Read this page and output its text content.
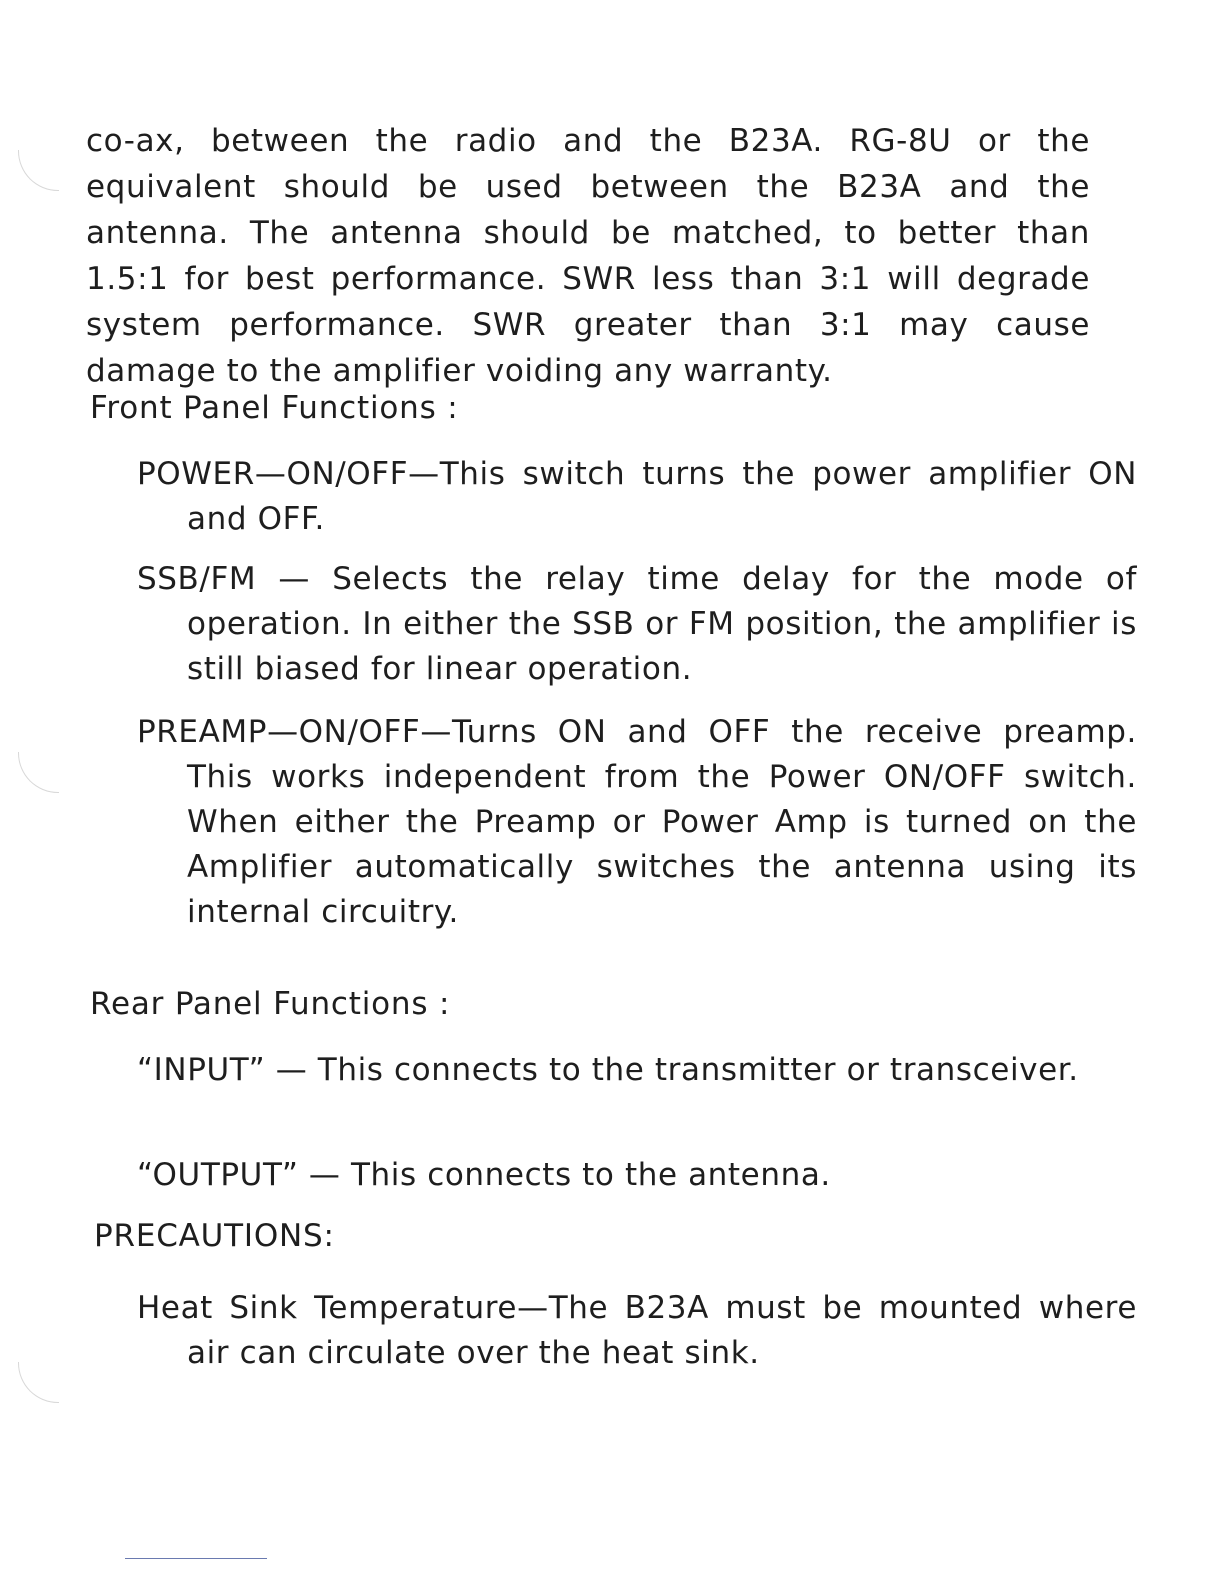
co-ax, between the radio and the B23A. RG-8U or the equivalent should be used between the B23A and the antenna. The antenna should be matched, to better than 1.5:1 for best performance. SWR less than 3:1 will degrade system performance. SWR greater than 3:1 may cause damage to the amplifier voiding any warranty.

Front Panel Functions :

POWER—ON/OFF—This switch turns the power amplifier ON and OFF.

SSB/FM — Selects the relay time delay for the mode of operation. In either the SSB or FM position, the amplifier is still biased for linear operation.

PREAMP—ON/OFF—Turns ON and OFF the receive preamp. This works independent from the Power ON/OFF switch. When either the Preamp or Power Amp is turned on the Amplifier automatically switches the antenna using its internal circuitry.

Rear Panel Functions :

“INPUT” — This connects to the transmitter or transceiver.

“OUTPUT” — This connects to the antenna.

PRECAUTIONS:

Heat Sink Temperature—The B23A must be mounted where air can circulate over the heat sink.
